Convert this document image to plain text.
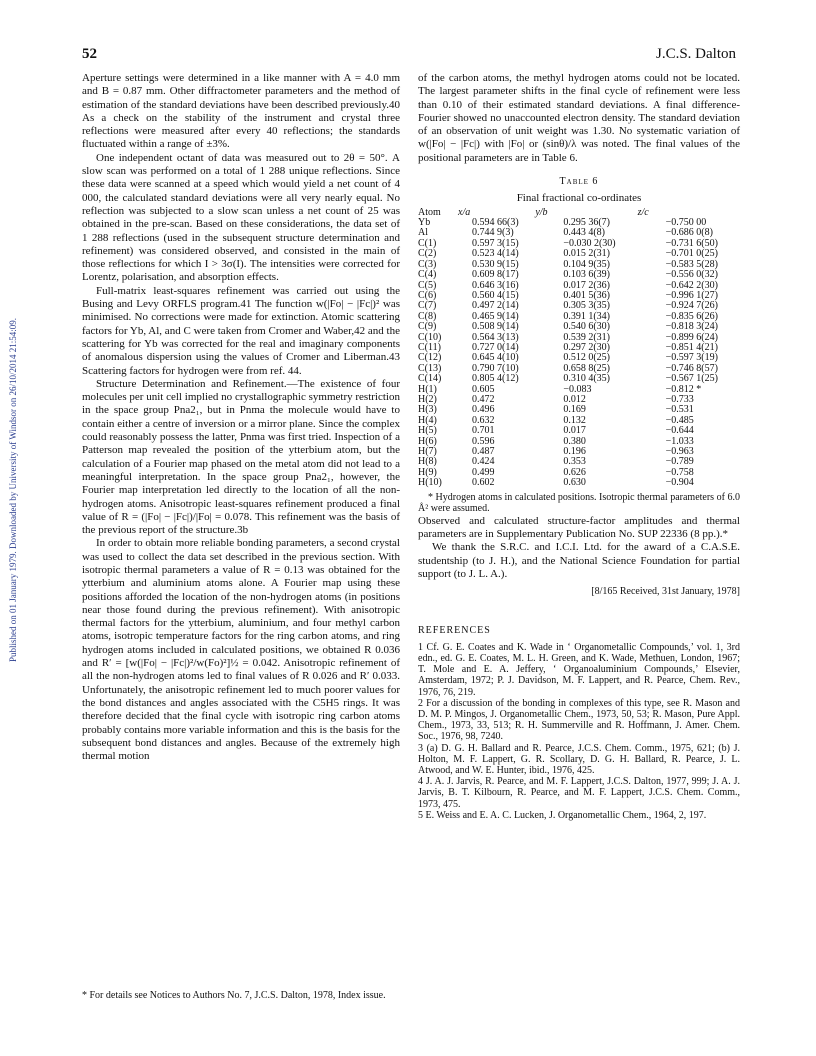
52	J.C.S. Dalton
Published on 01 January 1979. Downloaded by University of Windsor on 26/10/2014 21:54:09.

Aperture settings were determined in a like manner with A = 4.0 mm and B = 0.87 mm. Other diffractometer parameters and the method of estimation of the standard deviations have been described previously.40 As a check on the stability of the instrument and crystal three reflections were measured after every 40 reflections; the standards fluctuated within a range of ±3%.

One independent octant of data was measured out to 2θ = 50°. A slow scan was performed on a total of 1 288 unique reflections. Since these data were scanned at a speed which would yield a net count of 4 000, the calculated standard deviations were all very nearly equal. No reflection was subjected to a slow scan unless a net count of 25 was obtained in the pre-scan. Based on these considerations, the data set of 1 288 reflections (used in the subsequent structure determination and refinement) was considered observed, and consisted in the main of those reflections for which I > 3σ(I). The intensities were corrected for Lorentz, polarisation, and absorption effects.

Full-matrix least-squares refinement was carried out using the Busing and Levy ORFLS program.41 The function w(|Fo| − |Fc|)² was minimised. No corrections were made for extinction. Atomic scattering factors for Yb, Al, and C were taken from Cromer and Waber,42 and the scattering for Yb was corrected for the real and imaginary components of anomalous dispersion using the values of Cromer and Liberman.43 Scattering factors for hydrogen were from ref. 44.

Structure Determination and Refinement.—The existence of four molecules per unit cell implied no crystallographic symmetry restriction in the space group Pna2₁, but in Pnma the molecule would have to contain either a centre of inversion or a mirror plane. Since the complex could reasonably possess the latter, Pnma was first tried. Inspection of a Patterson map revealed the position of the ytterbium atom, but the calculation of a Fourier map phased on the metal atom did not lead to a meaningful interpretation. In the space group Pna2₁, however, the Fourier map interpretation led directly to the location of all the non-hydrogen atoms. Anisotropic least-squares refinement produced a final value of R = (|Fo| − |Fc|)/|Fo| = 0.078. This refinement was the basis of the previous report of the structure.3b

In order to obtain more reliable bonding parameters, a second crystal was used to collect the data set described in the previous section. With isotropic thermal parameters a value of R = 0.13 was obtained for the ytterbium and aluminium atoms alone. A Fourier map using these positions afforded the location of the non-hydrogen atoms (in positions near those found during the previous refinement). With anisotropic thermal factors for the ytterbium, aluminium, and four methyl carbon atoms, isotropic temperature factors for the ring carbon atoms, and ring hydrogen atoms included in calculated positions, we obtained R 0.036 and R′ = [w(|Fo| − |Fc|)²/w(Fo)²]½ = 0.042. Anisotropic refinement of all the non-hydrogen atoms led to final values of R 0.026 and R′ 0.033. Unfortunately, the anisotropic refinement led to much poorer values for the bond distances and angles associated with the C5H5 rings. It was therefore decided that the final cycle with isotropic ring carbon atoms probably contains more variable information and this is the basis for the subsequent bond distances and angles. Because of the extremely high thermal motion

* For details see Notices to Authors No. 7, J.C.S. Dalton, 1978, Index issue.

of the carbon atoms, the methyl hydrogen atoms could not be located. The largest parameter shifts in the final cycle of refinement were less than 0.10 of their estimated standard deviations. A final difference-Fourier showed no unaccounted electron density. The standard deviation of an observation of unit weight was 1.30. No systematic variation of w(|Fo| − |Fc|) with |Fo| or (sinθ)/λ was noted. The final values of the positional parameters are in Table 6.

Table 6
Final fractional co-ordinates
Atom	x/a	y/b	z/c
Yb	0.594 66(3)	0.295 36(7)	−0.750 00
Al	0.744 9(3)	0.443 4(8)	−0.686 0(8)
C(1)	0.597 3(15)	−0.030 2(30)	−0.731 6(50)
C(2)	0.523 4(14)	0.015 2(31)	−0.701 0(25)
C(3)	0.530 9(15)	0.104 9(35)	−0.583 5(28)
C(4)	0.609 8(17)	0.103 6(39)	−0.556 0(32)
C(5)	0.646 3(16)	0.017 2(36)	−0.642 2(30)
C(6)	0.560 4(15)	0.401 5(36)	−0.996 1(27)
C(7)	0.497 2(14)	0.305 3(35)	−0.924 7(26)
C(8)	0.465 9(14)	0.391 1(34)	−0.835 6(26)
C(9)	0.508 9(14)	0.540 6(30)	−0.818 3(24)
C(10)	0.564 3(13)	0.539 2(31)	−0.899 6(24)
C(11)	0.727 0(14)	0.297 2(30)	−0.851 4(21)
C(12)	0.645 4(10)	0.512 0(25)	−0.597 3(19)
C(13)	0.790 7(10)	0.658 8(25)	−0.746 8(57)
C(14)	0.805 4(12)	0.310 4(35)	−0.567 1(25)
H(1)	0.605	−0.083	−0.812 *
H(2)	0.472	0.012	−0.733
H(3)	0.496	0.169	−0.531
H(4)	0.632	0.132	−0.485
H(5)	0.701	0.017	−0.644
H(6)	0.596	0.380	−1.033
H(7)	0.487	0.196	−0.963
H(8)	0.424	0.353	−0.789
H(9)	0.499	0.626	−0.758
H(10)	0.602	0.630	−0.904
* Hydrogen atoms in calculated positions. Isotropic thermal parameters of 6.0 Å² were assumed.

Observed and calculated structure-factor amplitudes and thermal parameters are in Supplementary Publication No. SUP 22336 (8 pp.).*

We thank the S.R.C. and I.C.I. Ltd. for the award of a C.A.S.E. studentship (to J. H.), and the National Science Foundation for partial support (to J. L. A.).

[8/165 Received, 31st January, 1978]
REFERENCES

1 Cf. G. E. Coates and K. Wade in ‘ Organometallic Compounds,’ vol. 1, 3rd edn., ed. G. E. Coates, M. L. H. Green, and K. Wade, Methuen, London, 1967; T. Mole and E. A. Jeffery, ‘ Organoaluminium Compounds,’ Elsevier, Amsterdam, 1972; P. J. Davidson, M. F. Lappert, and R. Pearce, Chem. Rev., 1976, 76, 219.

2 For a discussion of the bonding in complexes of this type, see R. Mason and D. M. P. Mingos, J. Organometallic Chem., 1973, 50, 53; R. Mason, Pure Appl. Chem., 1973, 33, 513; R. H. Summerville and R. Hoffmann, J. Amer. Chem. Soc., 1976, 98, 7240.

3 (a) D. G. H. Ballard and R. Pearce, J.C.S. Chem. Comm., 1975, 621; (b) J. Holton, M. F. Lappert, G. R. Scollary, D. G. H. Ballard, R. Pearce, J. L. Atwood, and W. E. Hunter, ibid., 1976, 425.

4 J. A. J. Jarvis, R. Pearce, and M. F. Lappert, J.C.S. Dalton, 1977, 999; J. A. J. Jarvis, B. T. Kilbourn, R. Pearce, and M. F. Lappert, J.C.S. Chem. Comm., 1973, 475.

5 E. Weiss and E. A. C. Lucken, J. Organometallic Chem., 1964, 2, 197.
